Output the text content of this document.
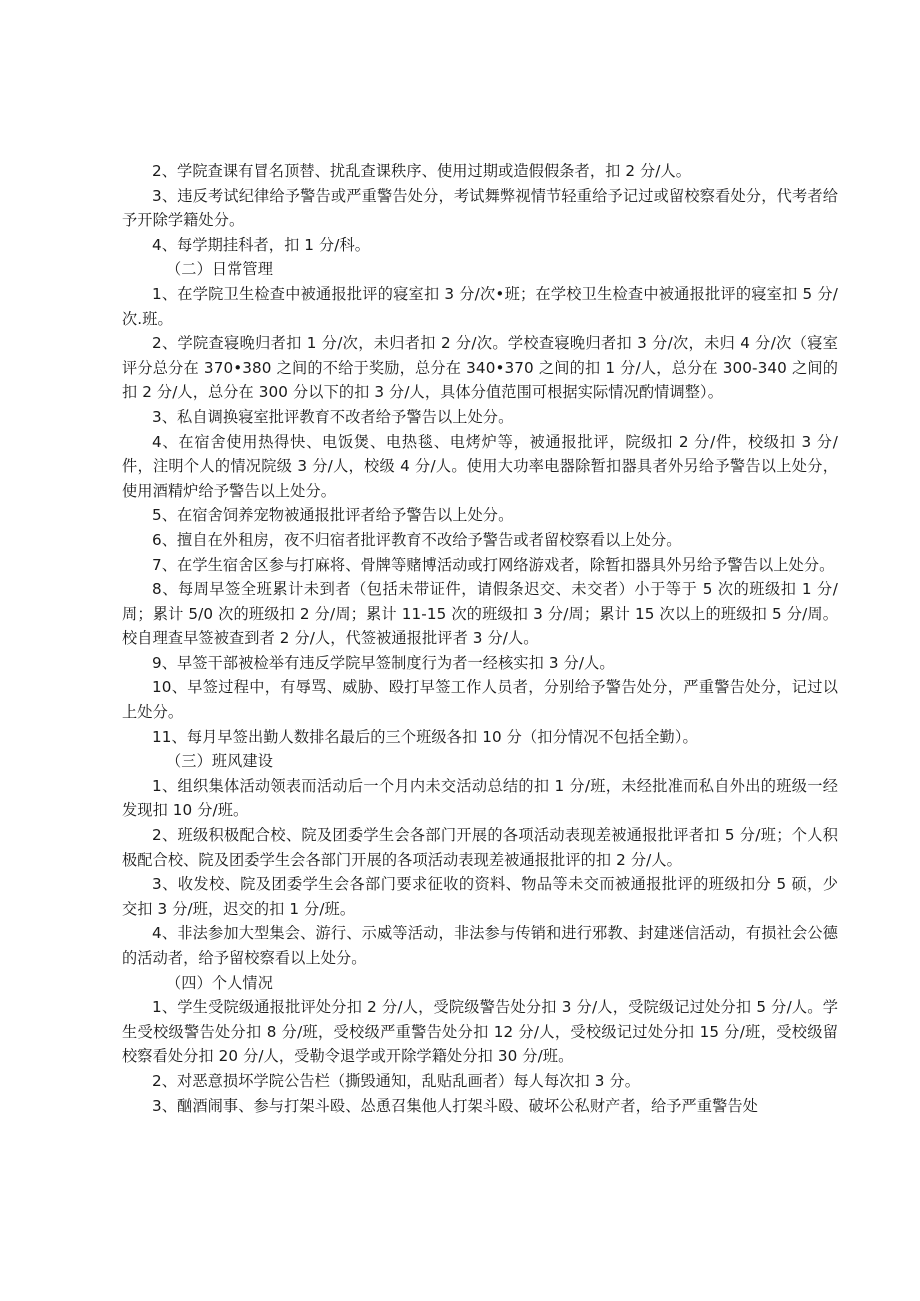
2、学院查课有冒名顶替、扰乱查课秩序、使用过期或造假假条者，扣 2 分/人。

3、违反考试纪律给予警告或严重警告处分，考试舞弊视情节轻重给予记过或留校察看处分，代考者给予开除学籍处分。

4、每学期挂科者，扣 1 分/科。

（二）日常管理

1、在学院卫生检查中被通报批评的寝室扣 3 分/次•班；在学校卫生检查中被通报批评的寝室扣 5 分/次.班。

2、学院查寝晚归者扣 1 分/次，未归者扣 2 分/次。学校查寝晚归者扣 3 分/次，未归 4 分/次（寝室评分总分在 370•380 之间的不给于奖励，总分在 340•370 之间的扣 1 分/人，总分在 300-340 之间的扣 2 分/人，总分在 300 分以下的扣 3 分/人，具体分值范围可根据实际情况酌情调整）。

3、私自调换寝室批评教育不改者给予警告以上处分。

4、在宿舍使用热得快、电饭煲、电热毯、电烤炉等，被通报批评，院级扣 2 分/件，校级扣 3 分/件，注明个人的情况院级 3 分/人，校级 4 分/人。使用大功率电器除暂扣器具者外另给予警告以上处分，使用酒精炉给予警告以上处分。

5、在宿舍饲养宠物被通报批评者给予警告以上处分。

6、擅自在外租房，夜不归宿者批评教育不改给予警告或者留校察看以上处分。

7、在学生宿舍区参与打麻将、骨牌等赌博活动或打网络游戏者，除暂扣器具外另给予警告以上处分。

8、每周早签全班累计未到者（包括未带证件，请假条迟交、未交者）小于等于 5 次的班级扣 1 分/周；累计 5/0 次的班级扣 2 分/周；累计 11-15 次的班级扣 3 分/周；累计 15 次以上的班级扣 5 分/周。校自理查早签被查到者 2 分/人，代签被通报批评者 3 分/人。

9、早签干部被检举有违反学院早签制度行为者一经核实扣 3 分/人。

10、早签过程中，有辱骂、威胁、殴打早签工作人员者，分别给予警告处分，严重警告处分，记过以上处分。

11、每月早签出勤人数排名最后的三个班级各扣 10 分（扣分情况不包括全勤）。

（三）班风建设

1、组织集体活动领表而活动后一个月内未交活动总结的扣 1 分/班，未经批准而私自外出的班级一经发现扣 10 分/班。

2、班级积极配合校、院及团委学生会各部门开展的各项活动表现差被通报批评者扣 5 分/班；个人积极配合校、院及团委学生会各部门开展的各项活动表现差被通报批评的扣 2 分/人。

3、收发校、院及团委学生会各部门要求征收的资料、物品等未交而被通报批评的班级扣分 5 硕，少交扣 3 分/班，迟交的扣 1 分/班。

4、非法参加大型集会、游行、示威等活动，非法参与传销和进行邪教、封建迷信活动，有损社会公德的活动者，给予留校察看以上处分。

（四）个人情况

1、学生受院级通报批评处分扣 2 分/人，受院级警告处分扣 3 分/人，受院级记过处分扣 5 分/人。学生受校级警告处分扣 8 分/班，受校级严重警告处分扣 12 分/人，受校级记过处分扣 15 分/班，受校级留校察看处分扣 20 分/人，受勒令退学或开除学籍处分扣 30 分/班。

2、对恶意损坏学院公告栏（撕毁通知，乱贴乱画者）每人每次扣 3 分。

3、酗酒闹事、参与打架斗殴、怂恿召集他人打架斗殴、破坏公私财产者，给予严重警告处
